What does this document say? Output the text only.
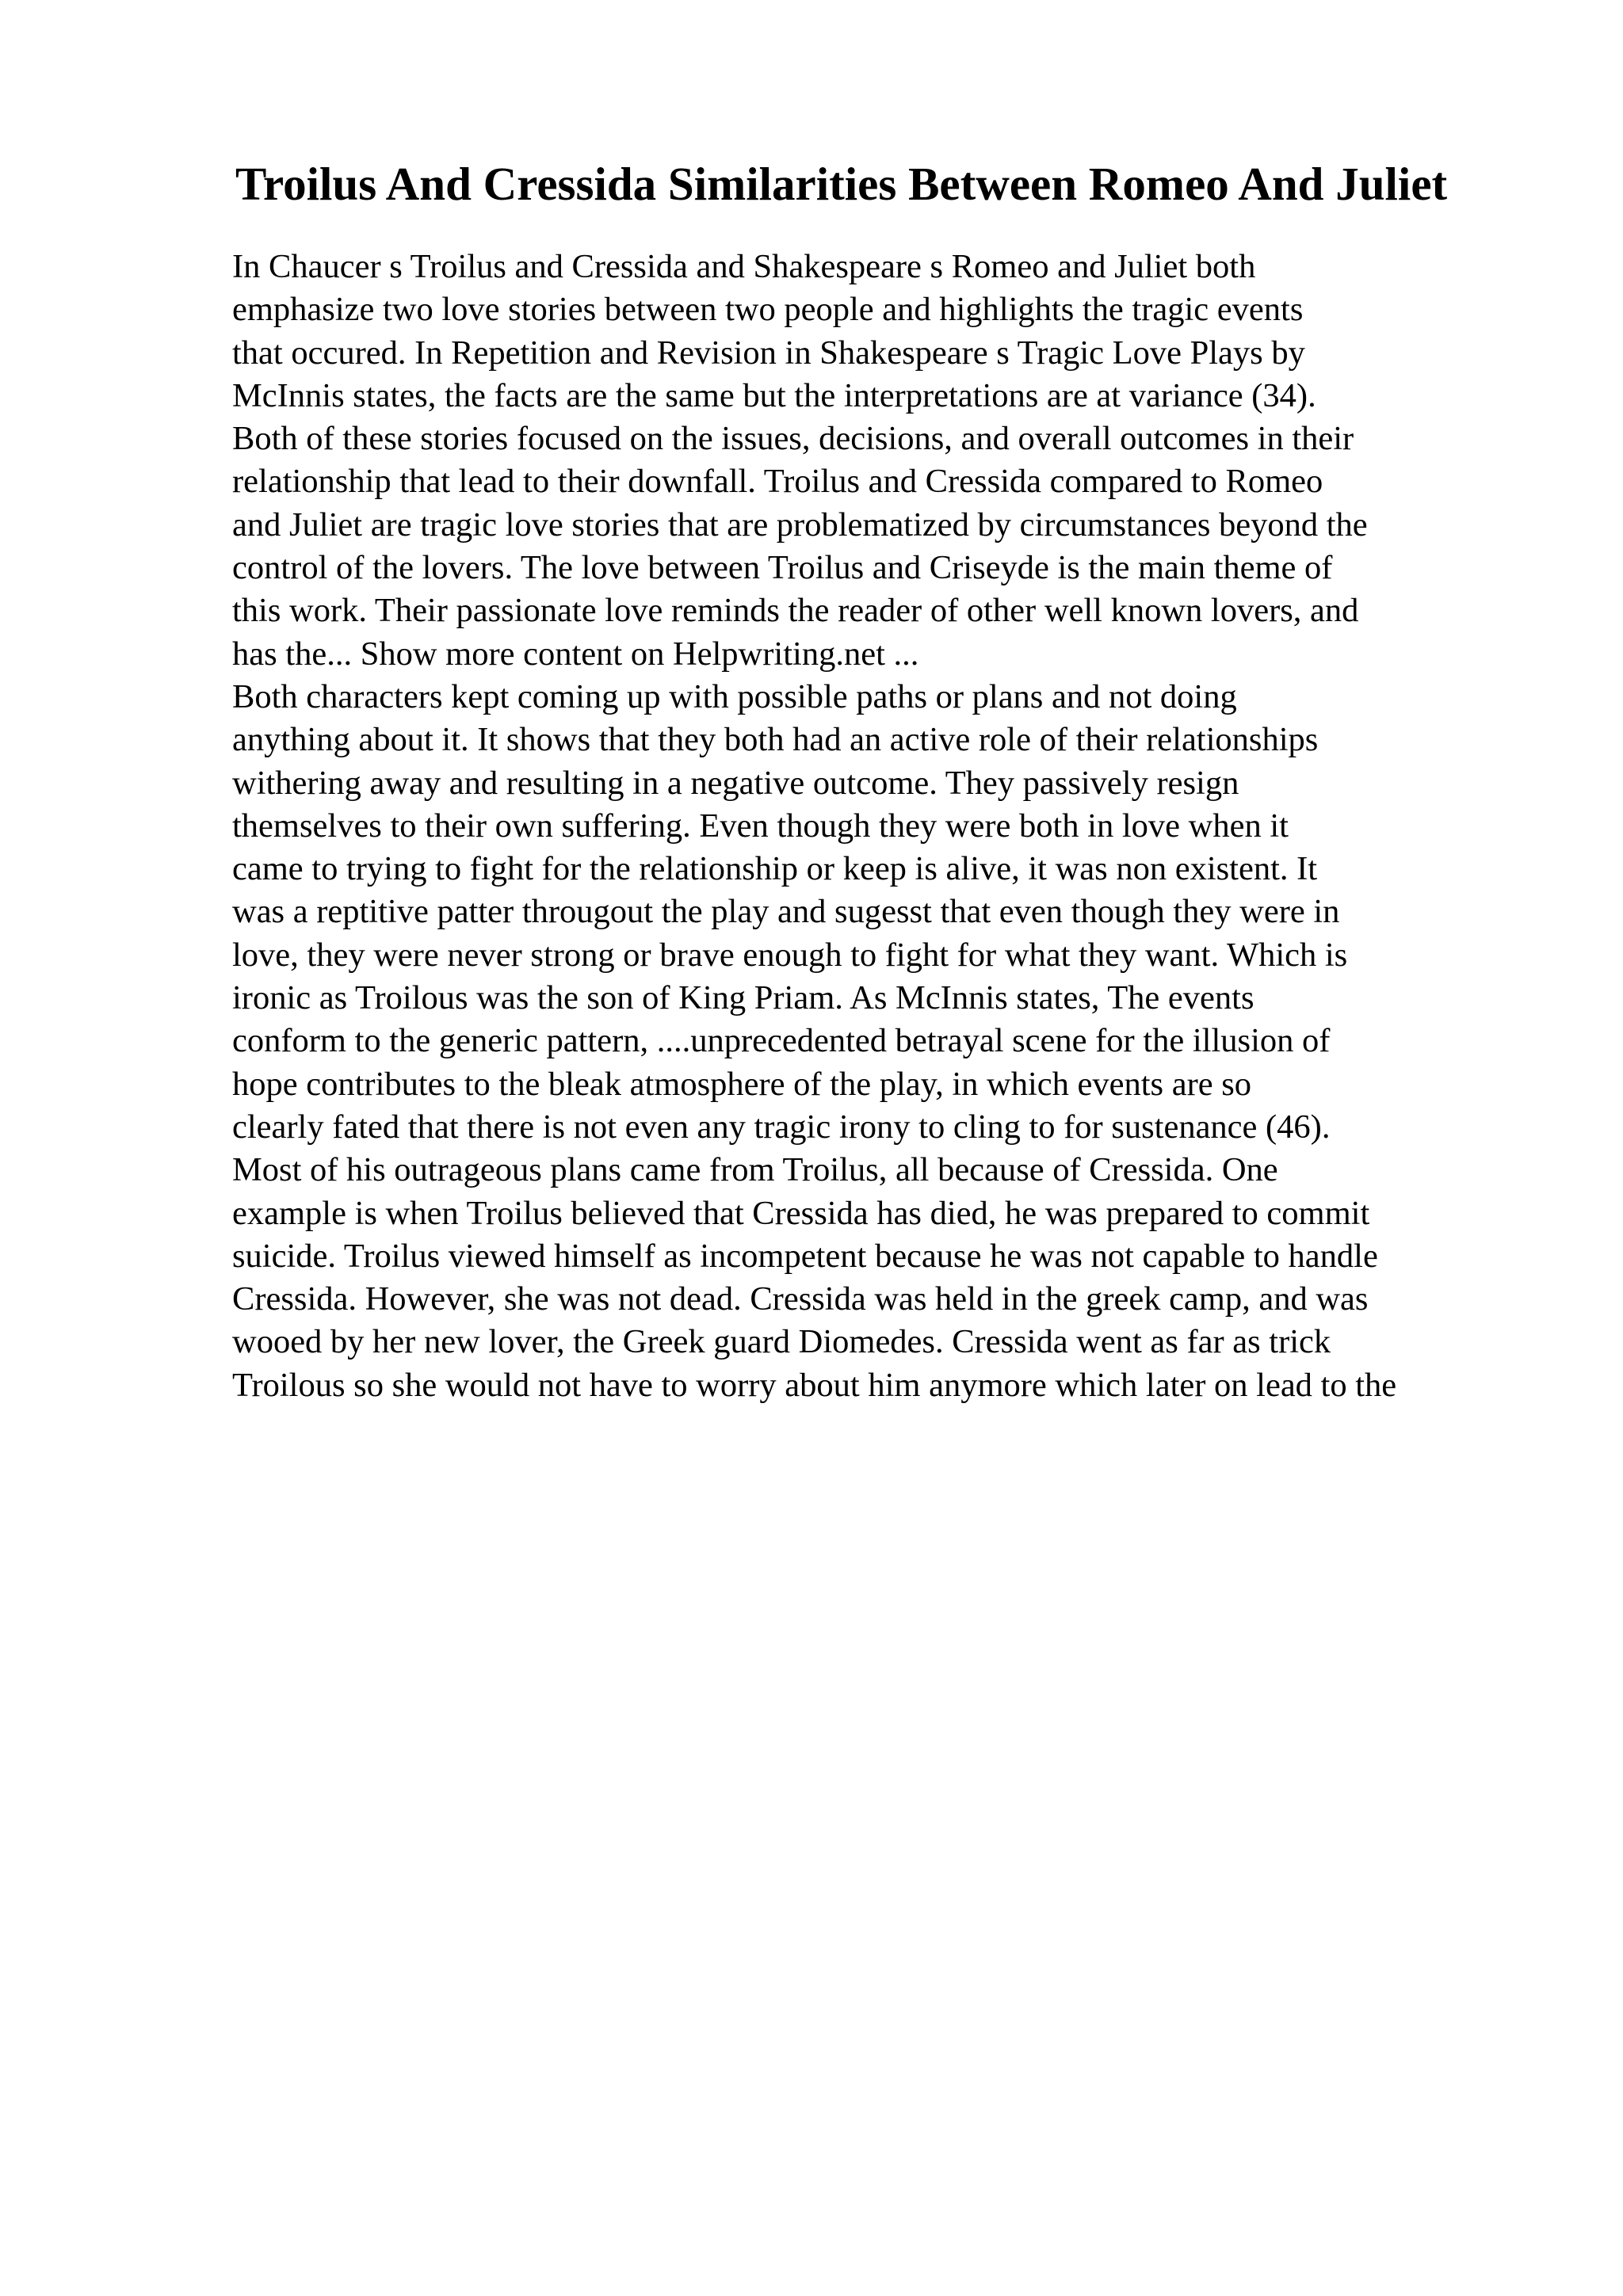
Troilus And Cressida Similarities Between Romeo And Juliet
In Chaucer s Troilus and Cressida and Shakespeare s Romeo and Juliet both
emphasize two love stories between two people and highlights the tragic events
that occured. In Repetition and Revision in Shakespeare s Tragic Love Plays by
McInnis states, the facts are the same but the interpretations are at variance (34).
Both of these stories focused on the issues, decisions, and overall outcomes in their
relationship that lead to their downfall. Troilus and Cressida compared to Romeo
and Juliet are tragic love stories that are problematized by circumstances beyond the
control of the lovers. The love between Troilus and Criseyde is the main theme of
this work. Their passionate love reminds the reader of other well known lovers, and
has the... Show more content on Helpwriting.net ...
Both characters kept coming up with possible paths or plans and not doing
anything about it. It shows that they both had an active role of their relationships
withering away and resulting in a negative outcome. They passively resign
themselves to their own suffering. Even though they were both in love when it
came to trying to fight for the relationship or keep is alive, it was non existent. It
was a reptitive patter througout the play and sugesst that even though they were in
love, they were never strong or brave enough to fight for what they want. Which is
ironic as Troilous was the son of King Priam. As McInnis states, The events
conform to the generic pattern, ....unprecedented betrayal scene for the illusion of
hope contributes to the bleak atmosphere of the play, in which events are so
clearly fated that there is not even any tragic irony to cling to for sustenance (46).
Most of his outrageous plans came from Troilus, all because of Cressida. One
example is when Troilus believed that Cressida has died, he was prepared to commit
suicide. Troilus viewed himself as incompetent because he was not capable to handle
Cressida. However, she was not dead. Cressida was held in the greek camp, and was
wooed by her new lover, the Greek guard Diomedes. Cressida went as far as trick
Troilous so she would not have to worry about him anymore which later on lead to the
